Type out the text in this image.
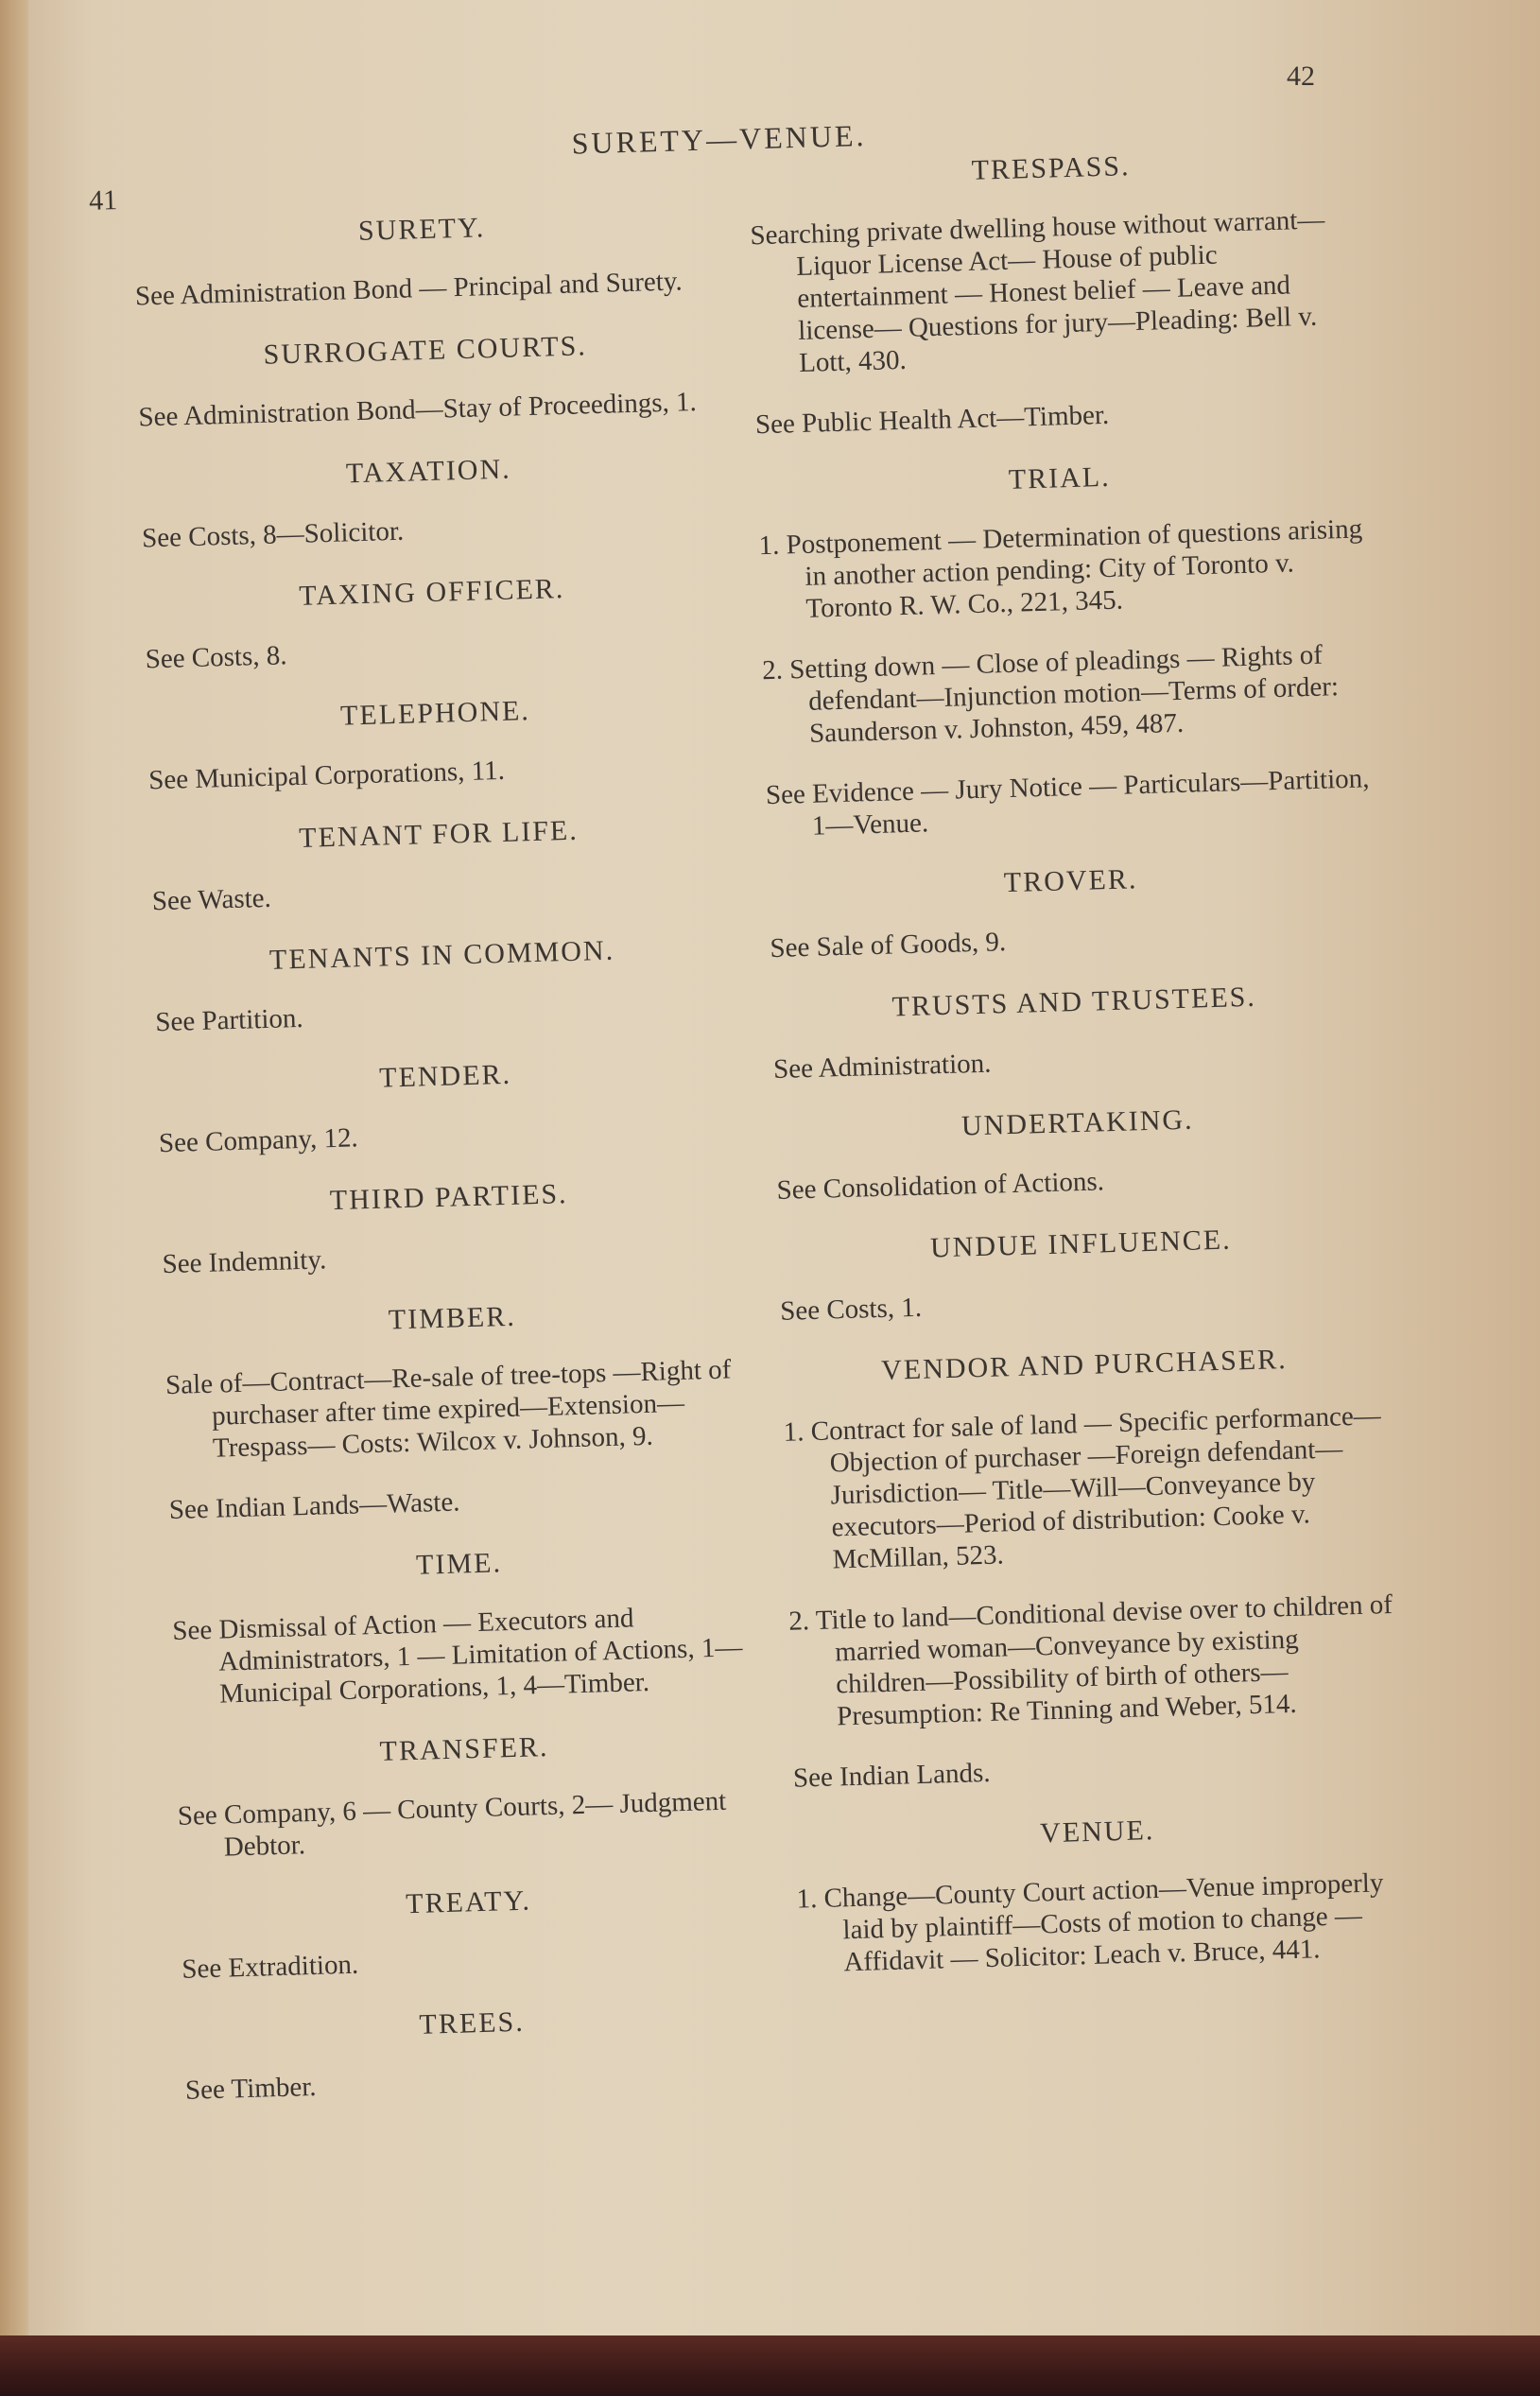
41
42
SURETY—VENUE.
SURETY.
See Administration Bond — Principal and Surety.
SURROGATE COURTS.
See Administration Bond—Stay of Proceedings, 1.
TAXATION.
See Costs, 8—Solicitor.
TAXING OFFICER.
See Costs, 8.
TELEPHONE.
See Municipal Corporations, 11.
TENANT FOR LIFE.
See Waste.
TENANTS IN COMMON.
See Partition.
TENDER.
See Company, 12.
THIRD PARTIES.
See Indemnity.
TIMBER.
Sale of—Contract—Re-sale of tree-tops —Right of purchaser after time expired—Extension—Trespass— Costs: Wilcox v. Johnson, 9.
See Indian Lands—Waste.
TIME.
See Dismissal of Action — Executors and Administrators, 1 — Limitation of Actions, 1—Municipal Corporations, 1, 4—Timber.
TRANSFER.
See Company, 6 — County Courts, 2— Judgment Debtor.
TREATY.
See Extradition.
TREES.
See Timber.
TRESPASS.
Searching private dwelling house without warrant—Liquor License Act— House of public entertainment — Honest belief — Leave and license— Questions for jury—Pleading: Bell v. Lott, 430.
See Public Health Act—Timber.
TRIAL.
1. Postponement — Determination of questions arising in another action pending: City of Toronto v. Toronto R. W. Co., 221, 345.
2. Setting down — Close of pleadings — Rights of defendant—Injunction motion—Terms of order: Saunderson v. Johnston, 459, 487.
See Evidence — Jury Notice — Particulars—Partition, 1—Venue.
TROVER.
See Sale of Goods, 9.
TRUSTS AND TRUSTEES.
See Administration.
UNDERTAKING.
See Consolidation of Actions.
UNDUE INFLUENCE.
See Costs, 1.
VENDOR AND PURCHASER.
1. Contract for sale of land — Specific performance—Objection of purchaser —Foreign defendant—Jurisdiction— Title—Will—Conveyance by executors—Period of distribution: Cooke v. McMillan, 523.
2. Title to land—Conditional devise over to children of married woman—Conveyance by existing children—Possibility of birth of others—Presumption: Re Tinning and Weber, 514.
See Indian Lands.
VENUE.
1. Change—County Court action—Venue improperly laid by plaintiff—Costs of motion to change — Affidavit — Solicitor: Leach v. Bruce, 441.
